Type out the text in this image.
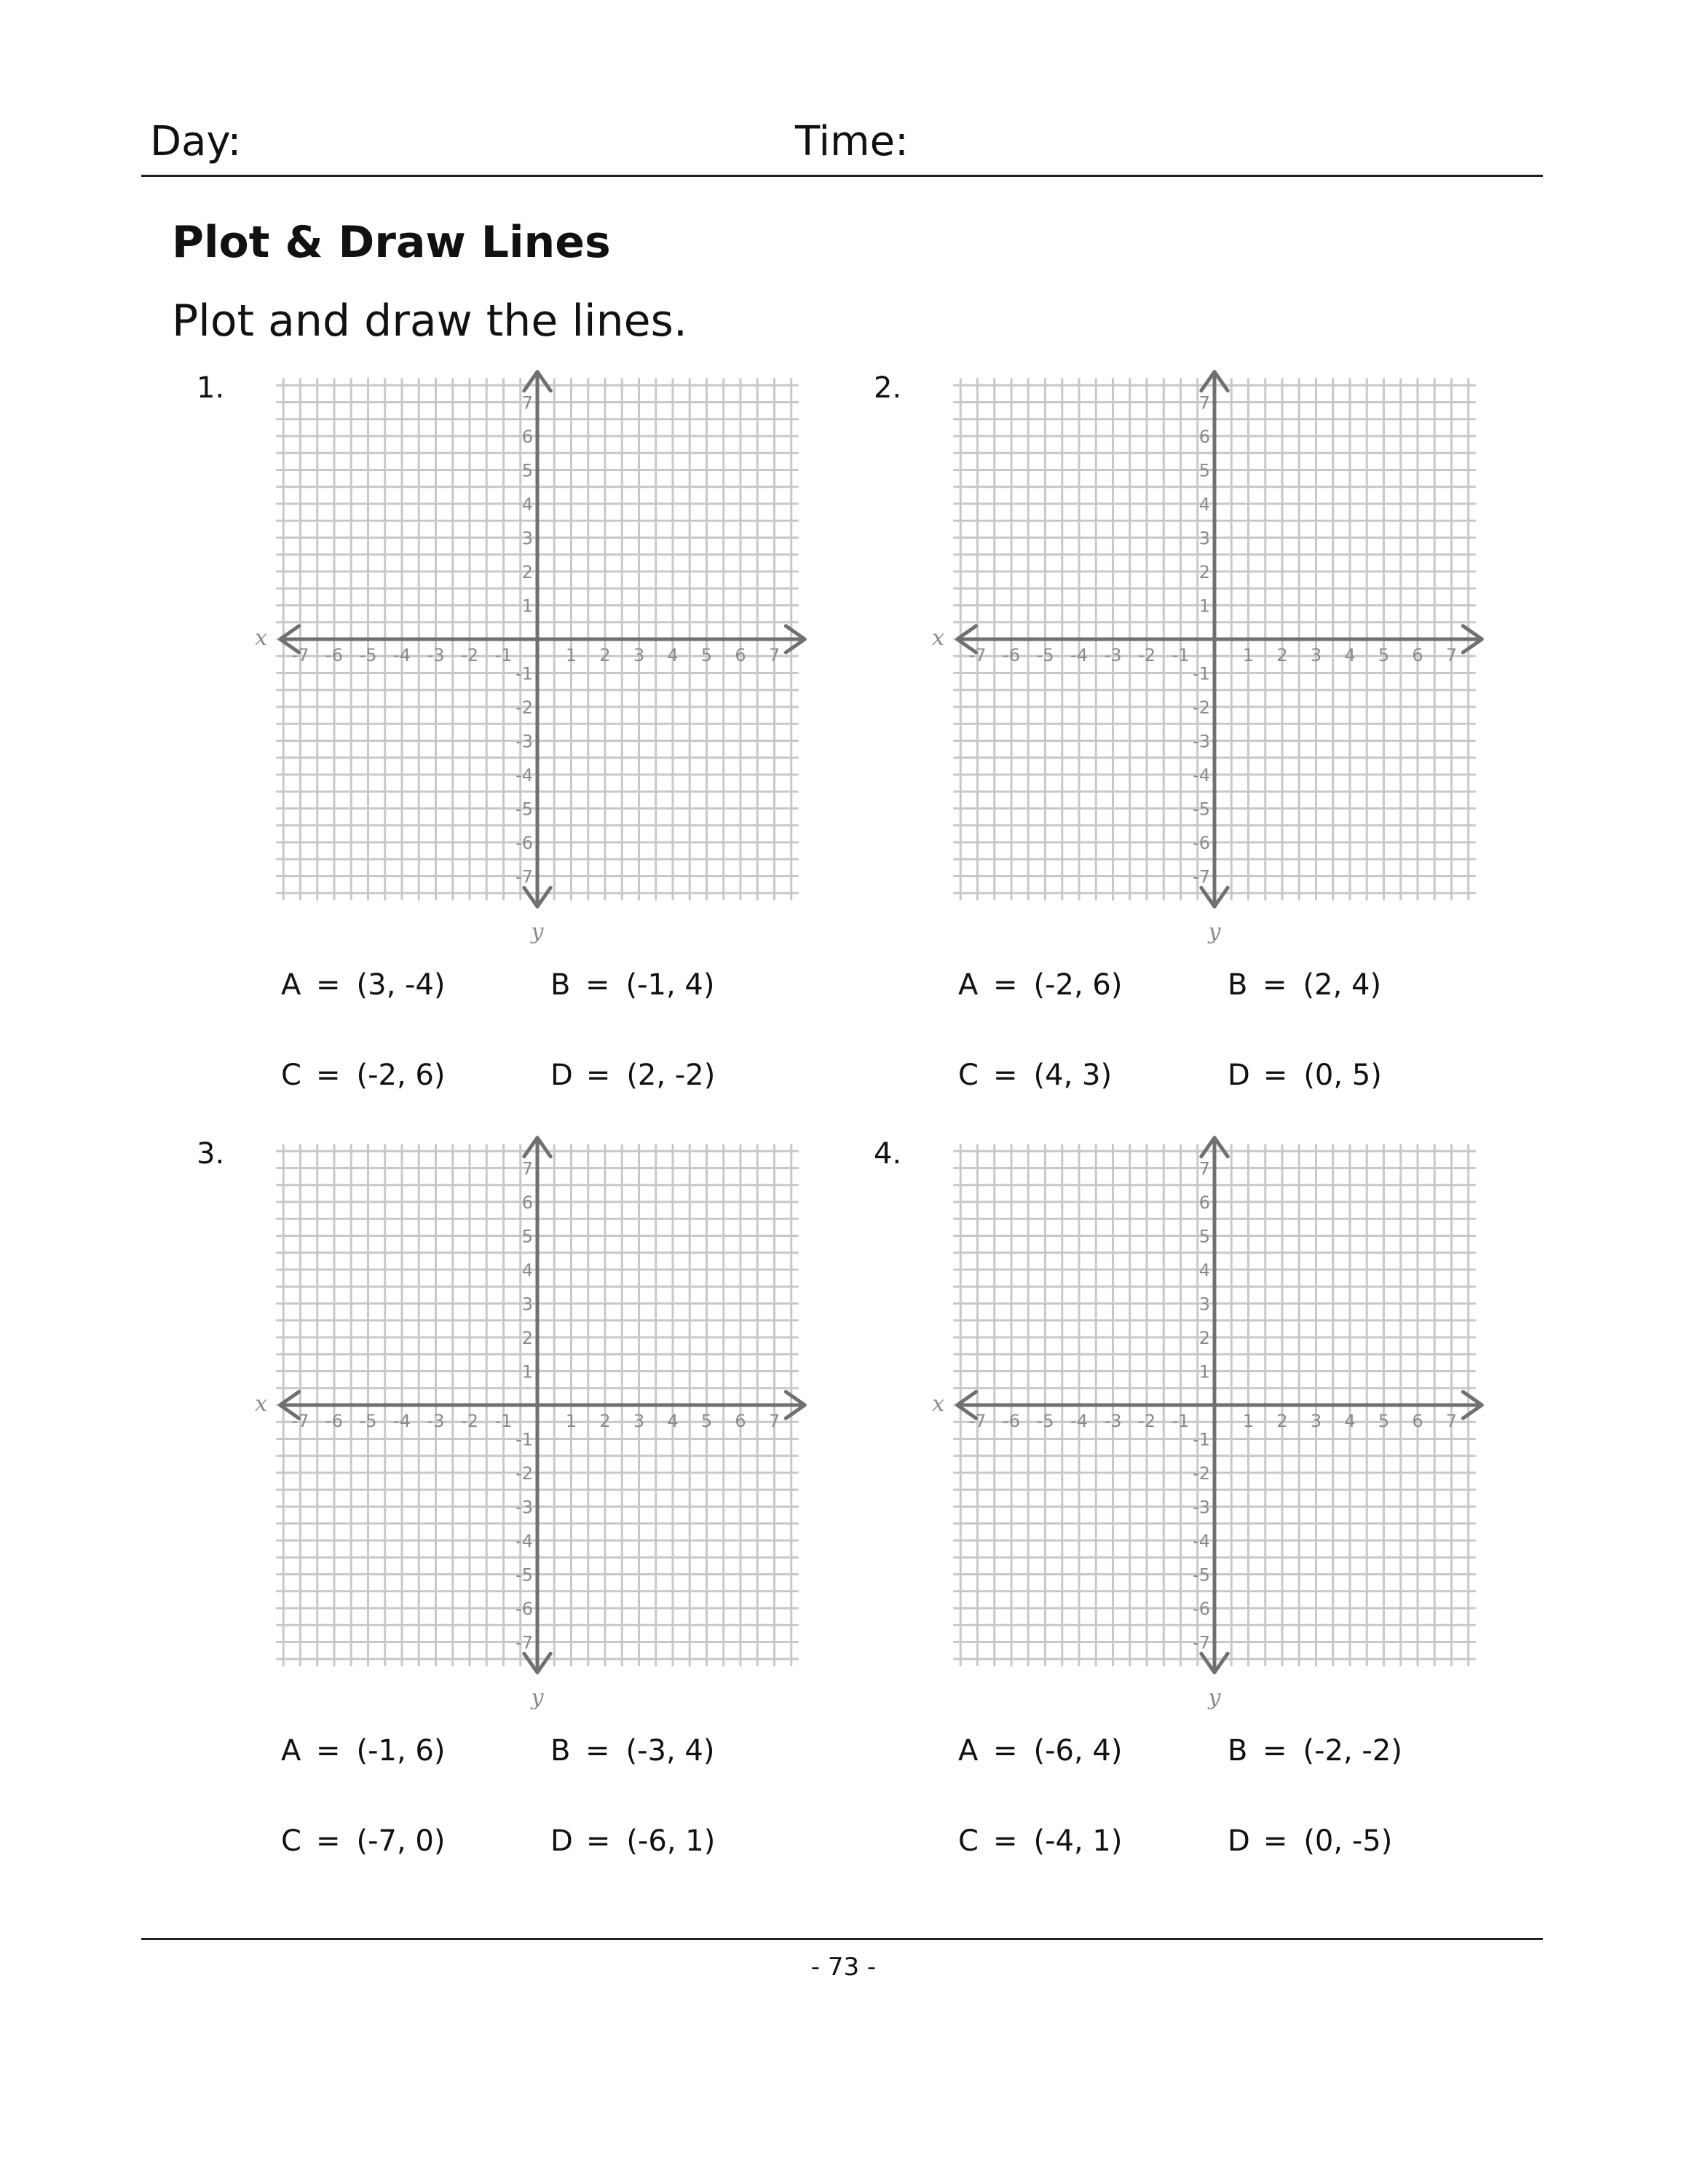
Day:	Time:
Plot & Draw Lines
Plot and draw the lines.
1.
x
y
-7 -6 -5 -4 -3 -2 -1	1 2 3 4 5 6 7
-7
-6
-5
-4
-3
-2
-1
1
2
3
4
5
6
7
A = (3, -4)	B = (-1, 4)
C = (-2, 6)	D = (2, -2)
2.
x
y
-7 -6 -5 -4 -3 -2 -1	1 2 3 4 5 6 7
-7
-6
-5
-4
-3
-2
-1
1
2
3
4
5
6
7
A = (-2, 6)	B = (2, 4)
C = (4, 3)	D = (0, 5)
3.
x
y
-7 -6 -5 -4 -3 -2 -1	1 2 3 4 5 6 7
-7
-6
-5
-4
-3
-2
-1
1
2
3
4
5
6
7
A = (-1, 6)	B = (-3, 4)
C = (-7, 0)	D = (-6, 1)
4.
x
y
-7 -6 -5 -4 -3 -2 -1	1 2 3 4 5 6 7
-7
-6
-5
-4
-3
-2
-1
1
2
3
4
5
6
7
A = (-6, 4)	B = (-2, -2)
C = (-4, 1)	D = (0, -5)
- 73 -
